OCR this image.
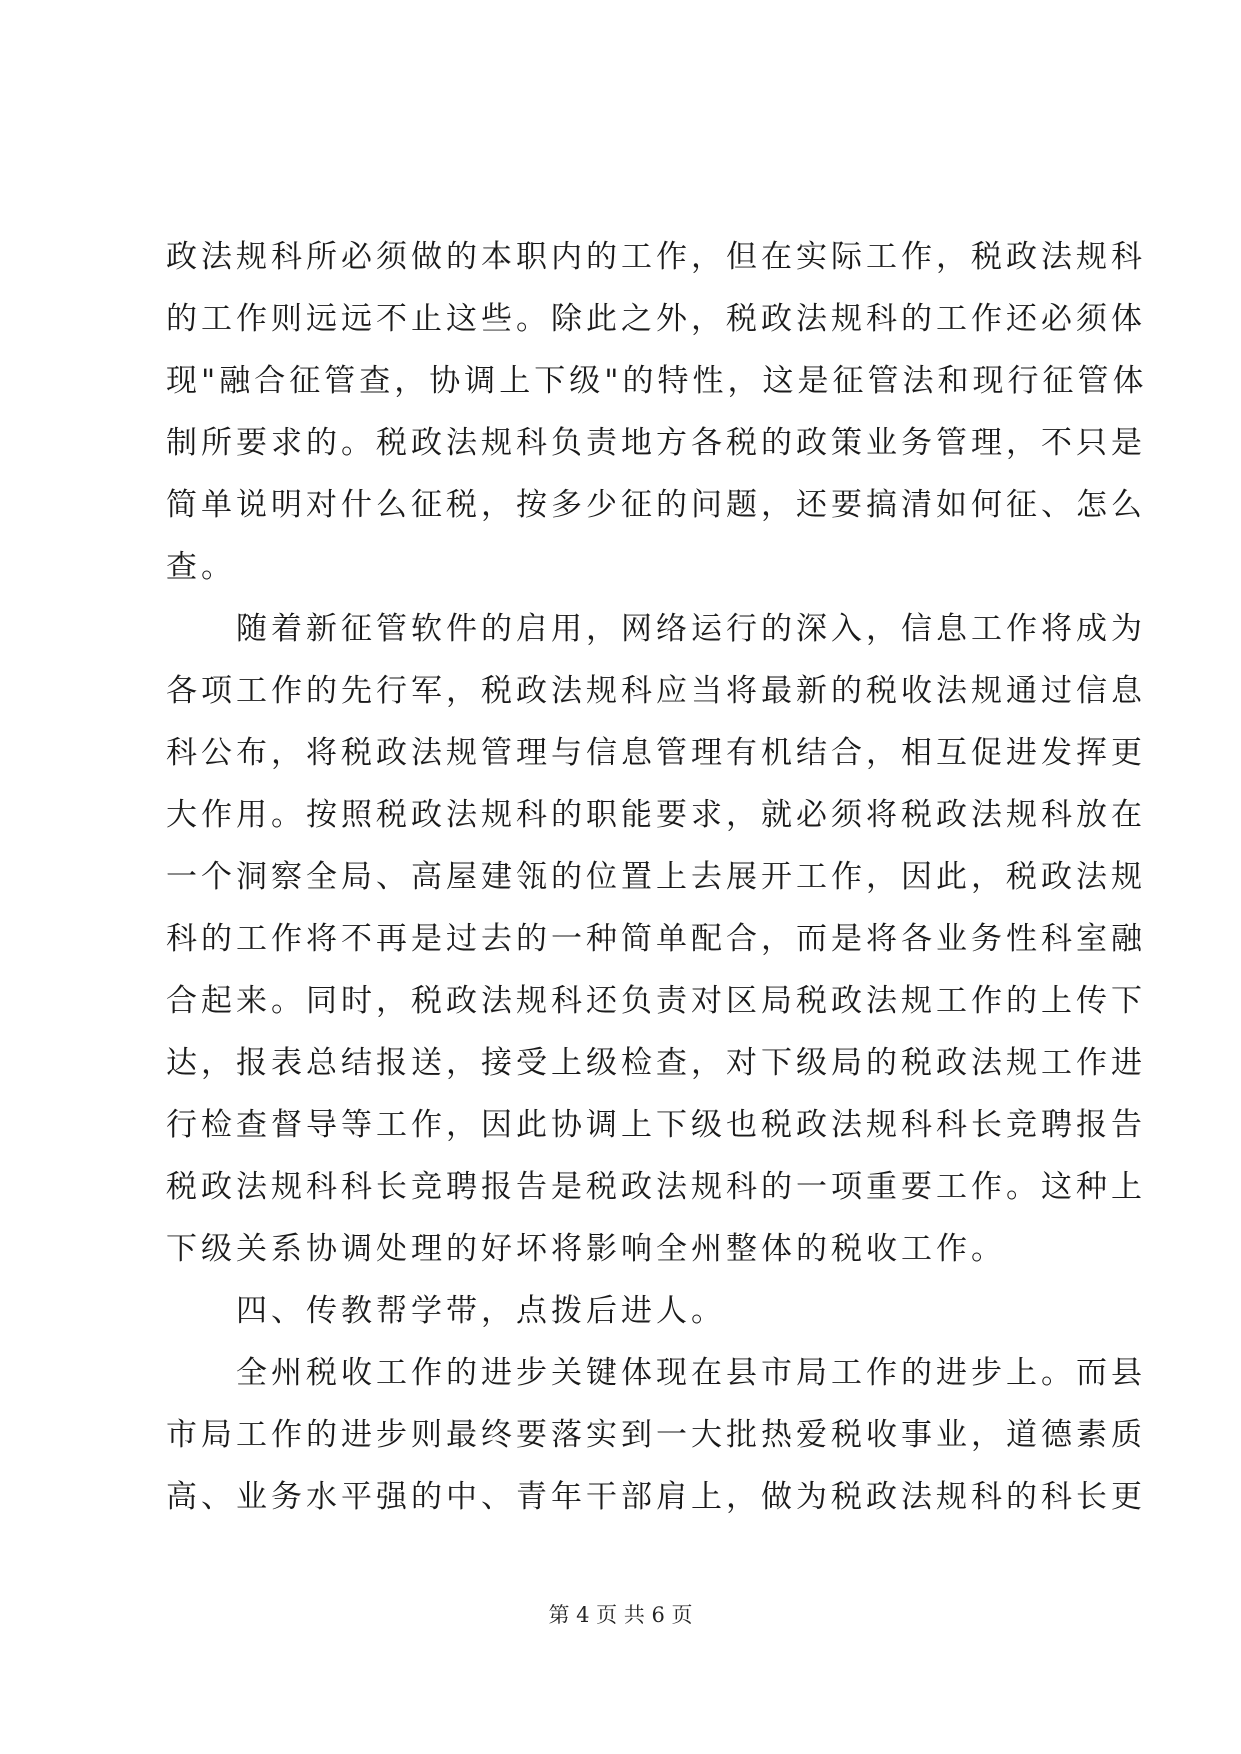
政法规科所必须做的本职内的工作，但在实际工作，税政法规科
的工作则远远不止这些。除此之外，税政法规科的工作还必须体
现"融合征管查，协调上下级"的特性，这是征管法和现行征管体
制所要求的。税政法规科负责地方各税的政策业务管理，不只是
简单说明对什么征税，按多少征的问题，还要搞清如何征、怎么
查。
　　随着新征管软件的启用，网络运行的深入，信息工作将成为
各项工作的先行军，税政法规科应当将最新的税收法规通过信息
科公布，将税政法规管理与信息管理有机结合，相互促进发挥更
大作用。按照税政法规科的职能要求，就必须将税政法规科放在
一个洞察全局、高屋建瓴的位置上去展开工作，因此，税政法规
科的工作将不再是过去的一种简单配合，而是将各业务性科室融
合起来。同时，税政法规科还负责对区局税政法规工作的上传下
达，报表总结报送，接受上级检查，对下级局的税政法规工作进
行检查督导等工作，因此协调上下级也税政法规科科长竞聘报告
税政法规科科长竞聘报告是税政法规科的一项重要工作。这种上
下级关系协调处理的好坏将影响全州整体的税收工作。
　　四、传教帮学带，点拨后进人。
　　全州税收工作的进步关键体现在县市局工作的进步上。而县
市局工作的进步则最终要落实到一大批热爱税收事业，道德素质
高、业务水平强的中、青年干部肩上，做为税政法规科的科长更
第 4 页 共 6 页
